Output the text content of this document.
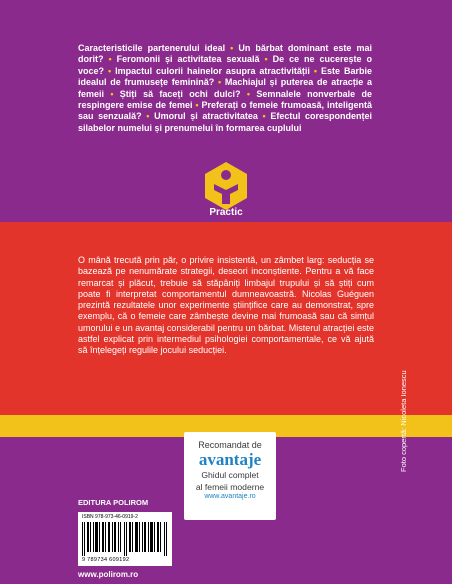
Caracteristicile partenerului ideal • Un bărbat dominant este mai dorit? • Feromonii și activitatea sexuală • De ce ne cucerește o voce? • Impactul culorii hainelor asupra atractivității • Este Barbie idealul de frumusețe feminină? • Machiajul și puterea de atracție a femeii • Știți să faceți ochi dulci? • Semnalele nonverbale de respingere emise de femei • Preferați o femeie frumoasă, inteligentă sau senzuală? • Umorul și atractivitatea • Efectul corespondenței silabelor numelui și prenumelui în formarea cuplului
Practic
O mână trecută prin păr, o privire insistentă, un zâmbet larg: seducția se bazează pe nenumărate strategii, deseori inconștiente. Pentru a vă face remarcat și plăcut, trebuie să stăpâniți limbajul trupului și să știți cum poate fi interpretat comportamentul dumneavoastră. Nicolas Guéguen prezintă rezultatele unor experimente științifice care au demonstrat, spre exemplu, că o femeie care zâmbește devine mai frumoasă sau că simțul umorului e un avantaj considerabil pentru un bărbat. Misterul atracției este astfel explicat prin intermediul psihologiei comportamentale, ce vă ajută să înțelegeți regulile jocului seducției.
Recomandat de
avantaje
Ghidul complet
al femeii moderne
www.avantaje.ro
EDITURA POLIROM
ISBN 978-973-46-0919-2
9 789734 609192
www.polirom.ro
Foto copertă: Nicoleta Ionescu
